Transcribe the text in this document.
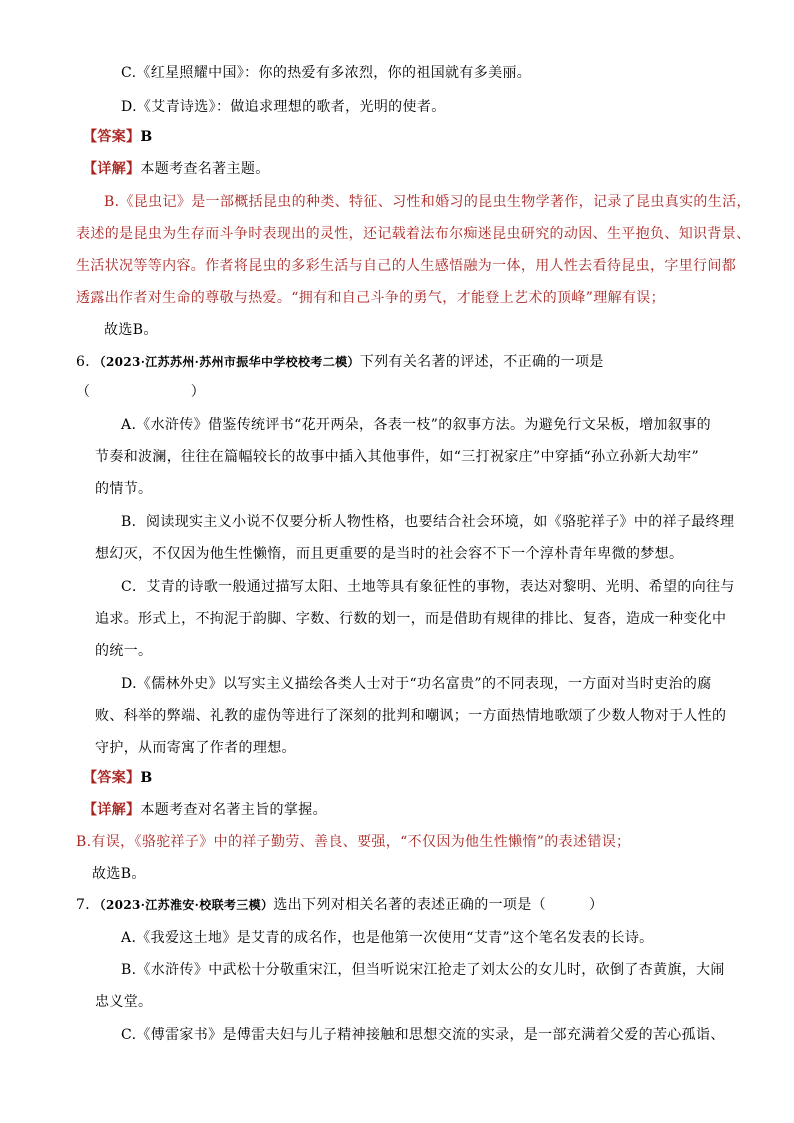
C.《红星照耀中国》：你的热爱有多浓烈，你的祖国就有多美丽。
D.《艾青诗选》：做追求理想的歌者，光明的使者。
【答案】B
【详解】本题考查名著主题。
B.《昆虫记》是一部概括昆虫的种类、特征、习性和婚习的昆虫生物学著作，记录了昆虫真实的生活，
表述的是昆虫为生存而斗争时表现出的灵性，还记载着法布尔痴迷昆虫研究的动因、生平抱负、知识背景、
生活状况等等内容。作者将昆虫的多彩生活与自己的人生感悟融为一体，用人性去看待昆虫，字里行间都
透露出作者对生命的尊敬与热爱。“拥有和自己斗争的勇气，才能登上艺术的顶峰”理解有误；
故选B。
6．（2023·江苏苏州·苏州市振华中学校校考二模）下列有关名著的评述，不正确的一项是
（　　　　　　　）
A.《水浒传》借鉴传统评书“花开两朵，各表一枝”的叙事方法。为避免行文呆板，增加叙事的
节奏和波澜，往往在篇幅较长的故事中插入其他事件，如“三打祝家庄”中穿插“孙立孙新大劫牢”
的情节。
B．阅读现实主义小说不仅要分析人物性格，也要结合社会环境，如《骆驼祥子》中的祥子最终理
想幻灭，不仅因为他生性懒惰，而且更重要的是当时的社会容不下一个淳朴青年卑微的梦想。
C．艾青的诗歌一般通过描写太阳、土地等具有象征性的事物，表达对黎明、光明、希望的向往与
追求。形式上，不拘泥于韵脚、字数、行数的划一，而是借助有规律的排比、复沓，造成一种变化中
的统一。
D.《儒林外史》以写实主义描绘各类人士对于“功名富贵”的不同表现，一方面对当时吏治的腐
败、科举的弊端、礼教的虚伪等进行了深刻的批判和嘲讽；一方面热情地歌颂了少数人物对于人性的
守护，从而寄寓了作者的理想。
【答案】B
【详解】本题考查对名著主旨的掌握。
B.有误，《骆驼祥子》中的祥子勤劳、善良、要强，“不仅因为他生性懒惰”的表述错误；
故选B。
7．（2023·江苏淮安·校联考三模）选出下列对相关名著的表述正确的一项是（　　　）
A.《我爱这土地》是艾青的成名作，也是他第一次使用“艾青”这个笔名发表的长诗。
B.《水浒传》中武松十分敬重宋江，但当听说宋江抢走了刘太公的女儿时，砍倒了杏黄旗，大闹
忠义堂。
C.《傅雷家书》是傅雷夫妇与儿子精神接触和思想交流的实录，是一部充满着父爱的苦心孤诣、
